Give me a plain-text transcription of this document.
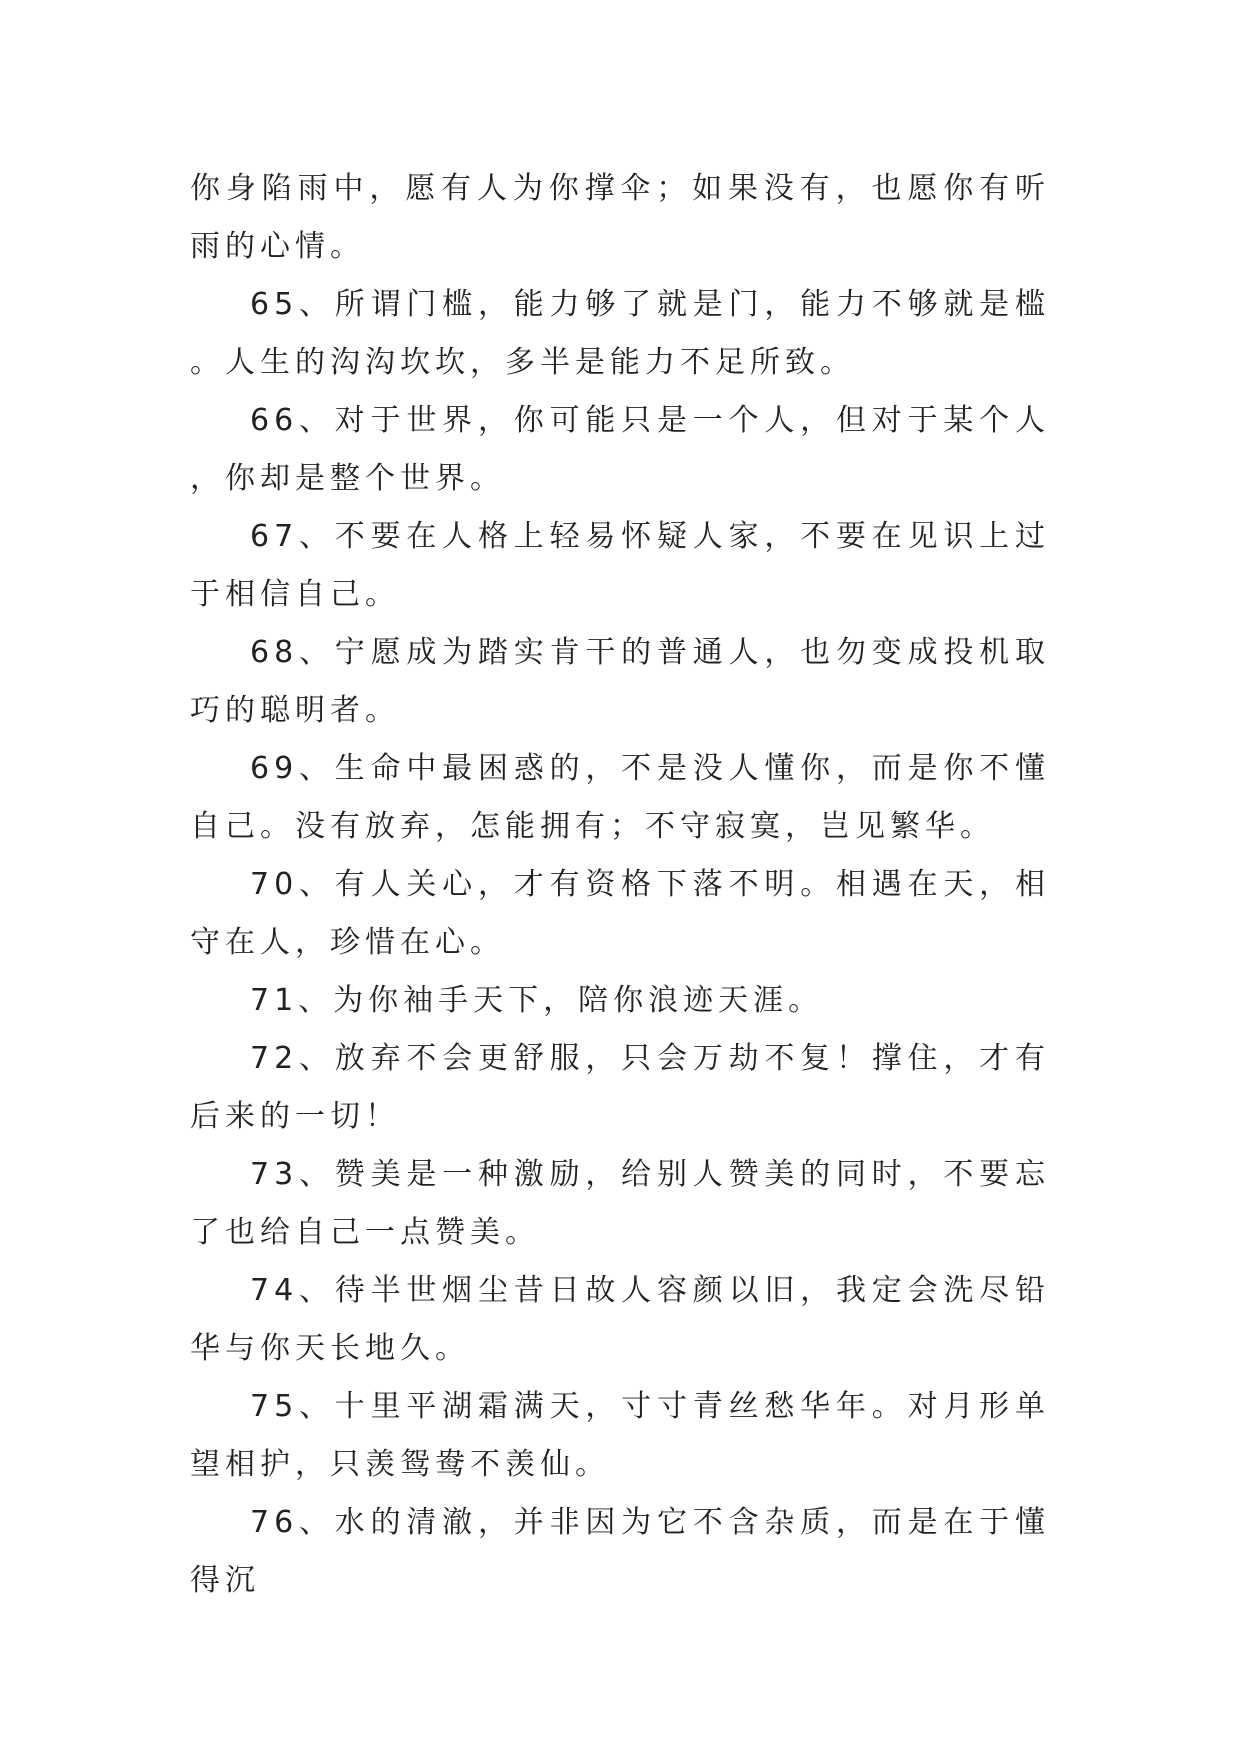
你身陷雨中，愿有人为你撑伞；如果没有，也愿你有听雨的心情。

65、所谓门槛，能力够了就是门，能力不够就是槛。人生的沟沟坎坎，多半是能力不足所致。

66、对于世界，你可能只是一个人，但对于某个人，你却是整个世界。

67、不要在人格上轻易怀疑人家，不要在见识上过于相信自己。

68、宁愿成为踏实肯干的普通人，也勿变成投机取巧的聪明者。

69、生命中最困惑的，不是没人懂你，而是你不懂自己。没有放弃，怎能拥有；不守寂寞，岂见繁华。

70、有人关心，才有资格下落不明。相遇在天，相守在人，珍惜在心。

71、为你袖手天下，陪你浪迹天涯。

72、放弃不会更舒服，只会万劫不复！撑住，才有后来的一切！

73、赞美是一种激励，给别人赞美的同时，不要忘了也给自己一点赞美。

74、待半世烟尘昔日故人容颜以旧，我定会洗尽铅华与你天长地久。

75、十里平湖霜满天，寸寸青丝愁华年。对月形单望相护，只羡鸳鸯不羡仙。

76、水的清澈，并非因为它不含杂质，而是在于懂得沉
